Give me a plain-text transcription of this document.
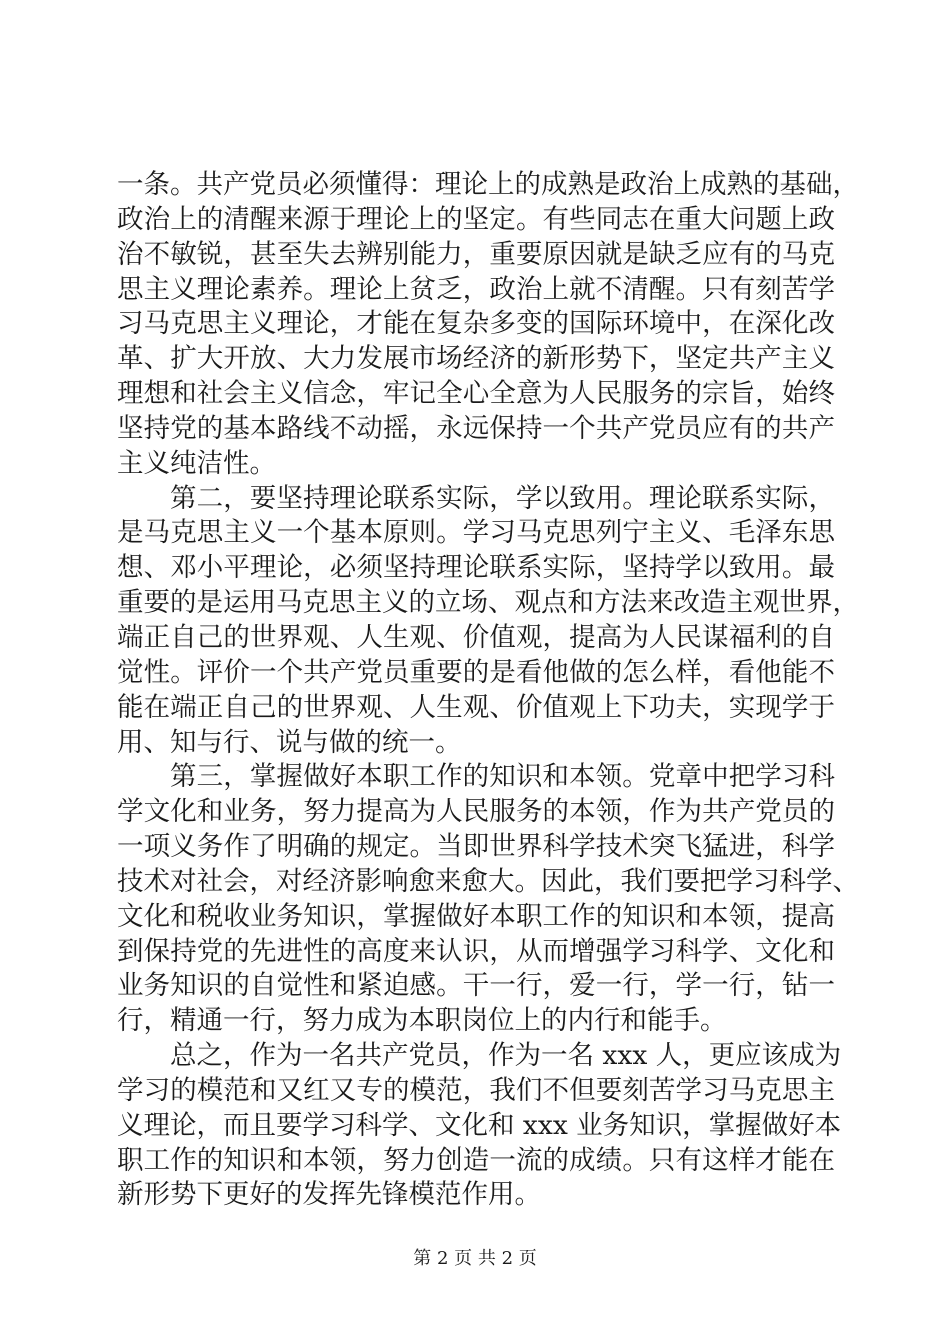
一条。共产党员必须懂得：理论上的成熟是政治上成熟的基础，
政治上的清醒来源于理论上的坚定。有些同志在重大问题上政
治不敏锐，甚至失去辨别能力，重要原因就是缺乏应有的马克
思主义理论素养。理论上贫乏，政治上就不清醒。只有刻苦学
习马克思主义理论，才能在复杂多变的国际环境中，在深化改
革、扩大开放、大力发展市场经济的新形势下，坚定共产主义
理想和社会主义信念，牢记全心全意为人民服务的宗旨，始终
坚持党的基本路线不动摇，永远保持一个共产党员应有的共产
主义纯洁性。
第二，要坚持理论联系实际，学以致用。理论联系实际，
是马克思主义一个基本原则。学习马克思列宁主义、毛泽东思
想、邓小平理论，必须坚持理论联系实际，坚持学以致用。最
重要的是运用马克思主义的立场、观点和方法来改造主观世界，
端正自己的世界观、人生观、价值观，提高为人民谋福利的自
觉性。评价一个共产党员重要的是看他做的怎么样，看他能不
能在端正自己的世界观、人生观、价值观上下功夫，实现学于
用、知与行、说与做的统一。
第三，掌握做好本职工作的知识和本领。党章中把学习科
学文化和业务，努力提高为人民服务的本领，作为共产党员的
一项义务作了明确的规定。当即世界科学技术突飞猛进，科学
技术对社会，对经济影响愈来愈大。因此，我们要把学习科学、
文化和税收业务知识，掌握做好本职工作的知识和本领，提高
到保持党的先进性的高度来认识，从而增强学习科学、文化和
业务知识的自觉性和紧迫感。干一行，爱一行，学一行，钻一
行，精通一行，努力成为本职岗位上的内行和能手。
总之，作为一名共产党员，作为一名 xxx 人，更应该成为
学习的模范和又红又专的模范，我们不但要刻苦学习马克思主
义理论，而且要学习科学、文化和 xxx 业务知识，掌握做好本
职工作的知识和本领，努力创造一流的成绩。只有这样才能在
新形势下更好的发挥先锋模范作用。
第 2 页 共 2 页
